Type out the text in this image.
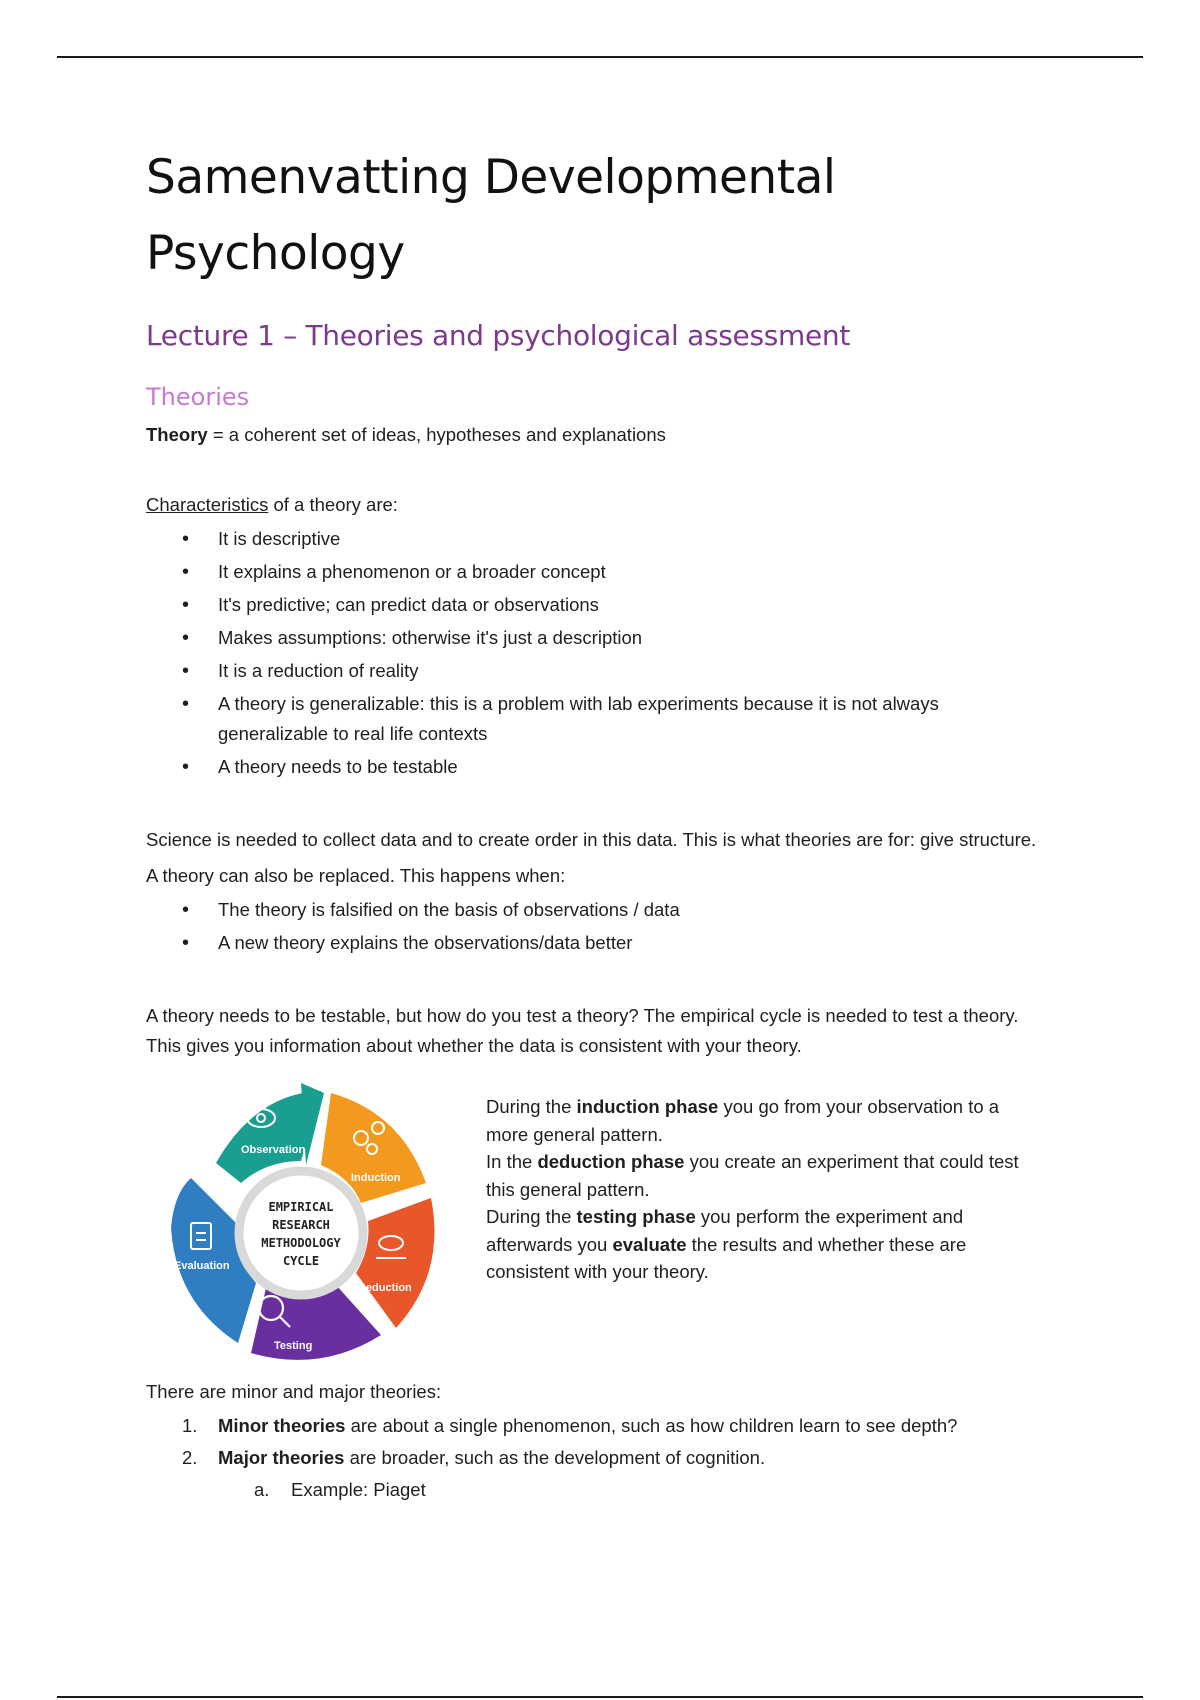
Samenvatting Developmental
Psychology
Lecture 1 – Theories and psychological assessment
Theories

Theory = a coherent set of ideas, hypotheses and explanations

Characteristics of a theory are:

• It is descriptive
• It explains a phenomenon or a broader concept
• It's predictive; can predict data or observations
• Makes assumptions: otherwise it's just a description
• It is a reduction of reality
• A theory is generalizable: this is a problem with lab experiments because it is not always generalizable to real life contexts
• A theory needs to be testable

Science is needed to collect data and to create order in this data. This is what theories are for: give structure.

A theory can also be replaced. This happens when:

• The theory is falsified on the basis of observations / data
• A new theory explains the observations/data better

A theory needs to be testable, but how do you test a theory? The empirical cycle is needed to test a theory. This gives you information about whether the data is consistent with your theory.

Observation
Induction
Deduction
Testing
Evaluation
EMPIRICAL
RESEARCH
METHODOLOGY
CYCLE

During the induction phase you go from your observation to a more general pattern.

In the deduction phase you create an experiment that could test this general pattern.

During the testing phase you perform the experiment and afterwards you evaluate the results and whether these are consistent with your theory.

There are minor and major theories:

1. Minor theories are about a single phenomenon, such as how children learn to see depth?
2. Major theories are broader, such as the development of cognition.
a. Example: Piaget
